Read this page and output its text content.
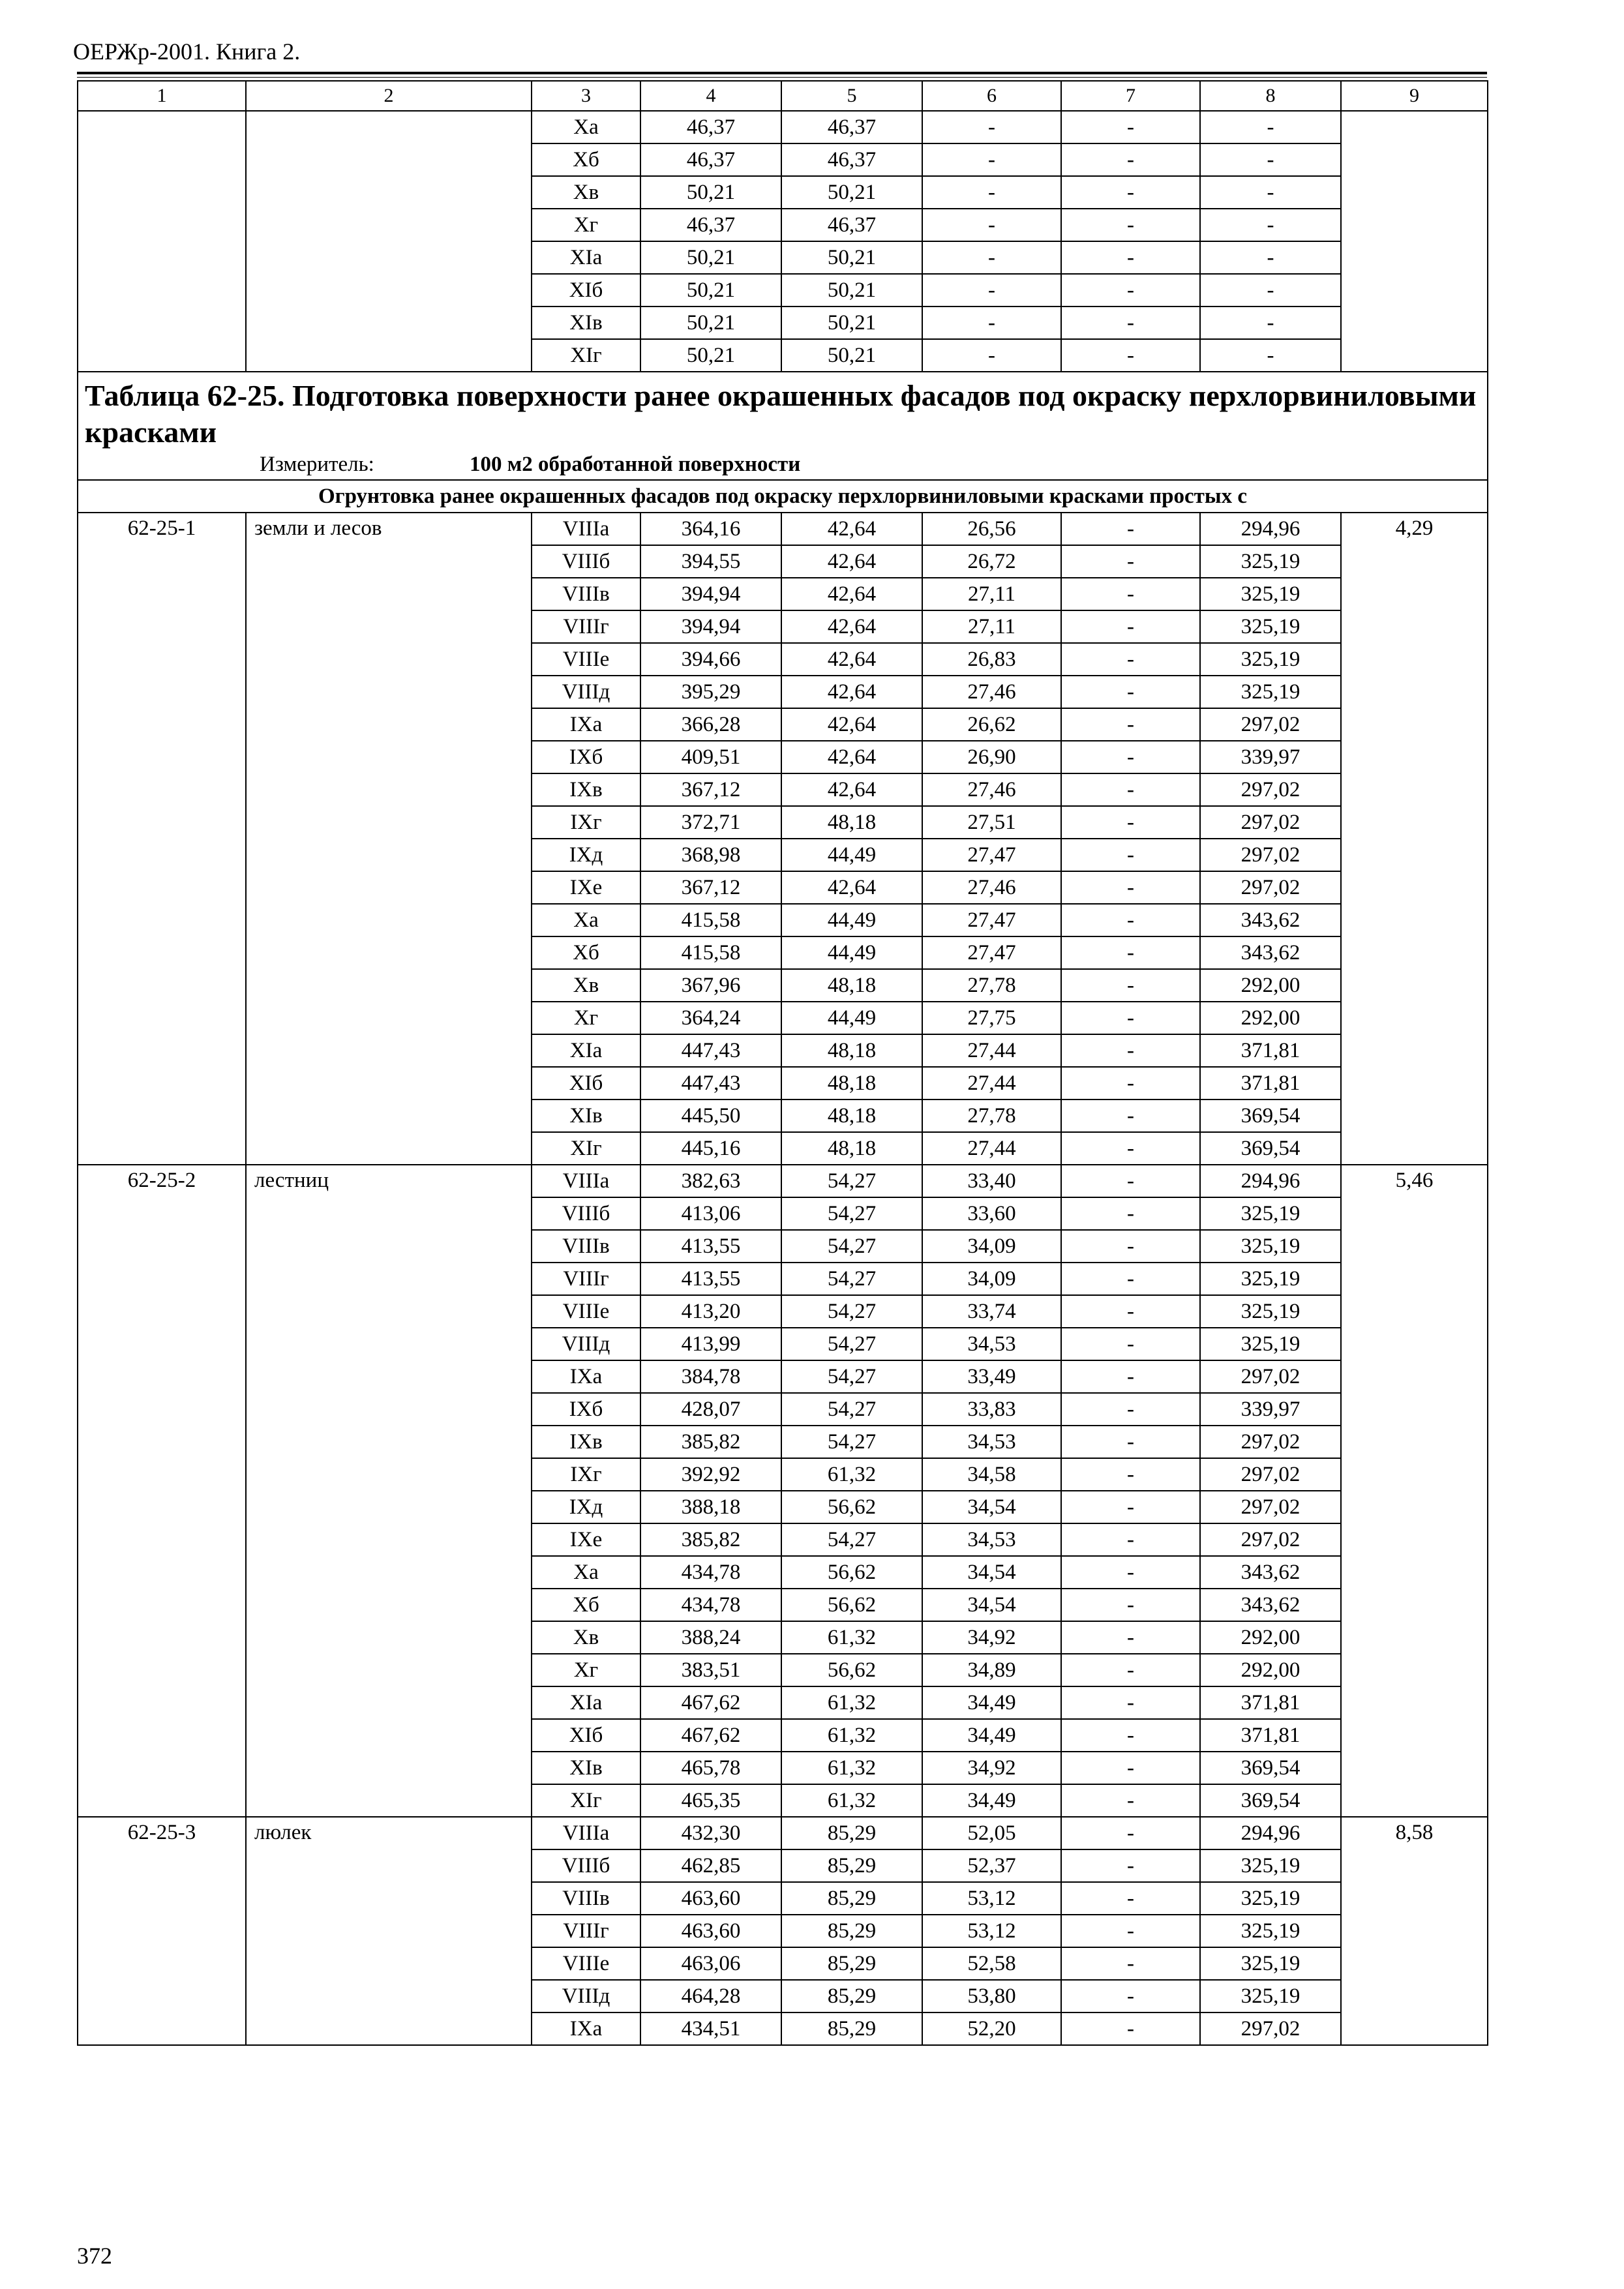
ОЕРЖр-2001. Книга 2.
1	2	3	4	5	6	7	8	9
		Xa	46,37	46,37	-	-	-	
		Xб	46,37	46,37	-	-	-	
		Xв	50,21	50,21	-	-	-	
		Xг	46,37	46,37	-	-	-	
		XIa	50,21	50,21	-	-	-	
		XIб	50,21	50,21	-	-	-	
		XIв	50,21	50,21	-	-	-	
		XIг	50,21	50,21	-	-	-	

Таблица 62-25. Подготовка поверхности ранее окрашенных фасадов под окраску перхлорвиниловыми красками
Измеритель: 100 м2 обработанной поверхности								

Огрунтовка ранее окрашенных фасадов под окраску перхлорвиниловыми красками простых с								
62-25-1	земли и лесов	VIIIa	364,16	42,64	26,56	-	294,96	4,29
		VIIIб	394,55	42,64	26,72	-	325,19	
		VIIIв	394,94	42,64	27,11	-	325,19	
		VIIIг	394,94	42,64	27,11	-	325,19	
		VIIIe	394,66	42,64	26,83	-	325,19	
		VIIIд	395,29	42,64	27,46	-	325,19	
		IXa	366,28	42,64	26,62	-	297,02	
		IXб	409,51	42,64	26,90	-	339,97	
		IXв	367,12	42,64	27,46	-	297,02	
		IXг	372,71	48,18	27,51	-	297,02	
		IXд	368,98	44,49	27,47	-	297,02	
		IXe	367,12	42,64	27,46	-	297,02	
		Xa	415,58	44,49	27,47	-	343,62	
		Xб	415,58	44,49	27,47	-	343,62	
		Xв	367,96	48,18	27,78	-	292,00	
		Xг	364,24	44,49	27,75	-	292,00	
		XIa	447,43	48,18	27,44	-	371,81	
		XIб	447,43	48,18	27,44	-	371,81	
		XIв	445,50	48,18	27,78	-	369,54	
		XIг	445,16	48,18	27,44	-	369,54	
62-25-2	лестниц	VIIIa	382,63	54,27	33,40	-	294,96	5,46
		VIIIб	413,06	54,27	33,60	-	325,19	
		VIIIв	413,55	54,27	34,09	-	325,19	
		VIIIг	413,55	54,27	34,09	-	325,19	
		VIIIe	413,20	54,27	33,74	-	325,19	
		VIIIд	413,99	54,27	34,53	-	325,19	
		IXa	384,78	54,27	33,49	-	297,02	
		IXб	428,07	54,27	33,83	-	339,97	
		IXв	385,82	54,27	34,53	-	297,02	
		IXг	392,92	61,32	34,58	-	297,02	
		IXд	388,18	56,62	34,54	-	297,02	
		IXe	385,82	54,27	34,53	-	297,02	
		Xa	434,78	56,62	34,54	-	343,62	
		Xб	434,78	56,62	34,54	-	343,62	
		Xв	388,24	61,32	34,92	-	292,00	
		Xг	383,51	56,62	34,89	-	292,00	
		XIa	467,62	61,32	34,49	-	371,81	
		XIб	467,62	61,32	34,49	-	371,81	
		XIв	465,78	61,32	34,92	-	369,54	
		XIг	465,35	61,32	34,49	-	369,54	
62-25-3	люлек	VIIIa	432,30	85,29	52,05	-	294,96	8,58
		VIIIб	462,85	85,29	52,37	-	325,19	
		VIIIв	463,60	85,29	53,12	-	325,19	
		VIIIг	463,60	85,29	53,12	-	325,19	
		VIIIe	463,06	85,29	52,58	-	325,19	
		VIIIд	464,28	85,29	53,80	-	325,19	
		IXa	434,51	85,29	52,20	-	297,02	
372
